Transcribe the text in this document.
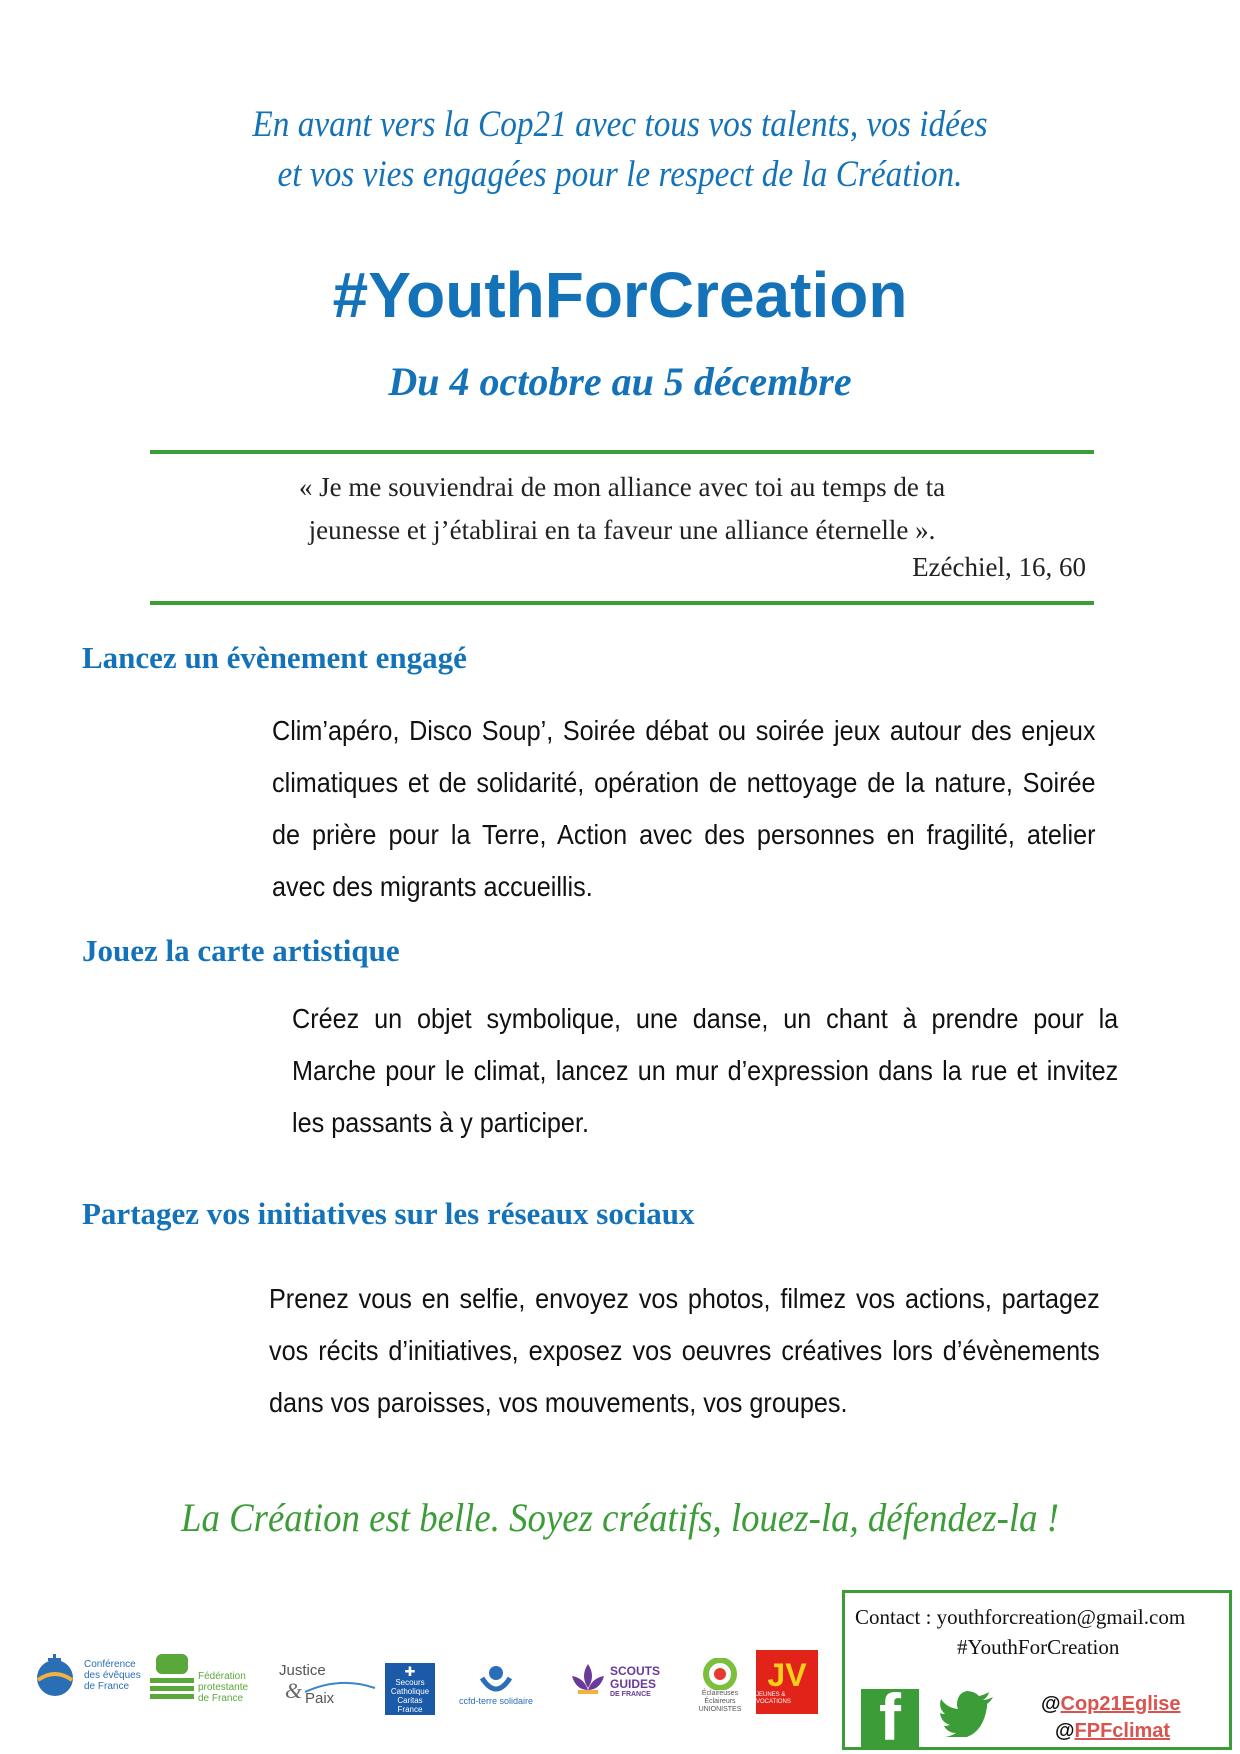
En avant vers la Cop21 avec tous vos talents, vos idées
et vos vies engagées pour le respect de la Création.
#YouthForCreation
Du 4 octobre au 5 décembre
« Je me souviendrai de mon alliance avec toi au temps de ta
jeunesse et j’établirai en ta faveur une alliance éternelle ».
Ezéchiel, 16, 60
Lancez un évènement engagé
Clim’apéro, Disco Soup’, Soirée débat ou soirée jeux autour des enjeux climatiques et de solidarité, opération de nettoyage de la nature, Soirée de prière pour la Terre, Action avec des personnes en fragilité, atelier avec des migrants accueillis.
Jouez la carte artistique
Créez un objet symbolique, une danse, un chant à prendre pour la Marche pour le climat, lancez un mur d’expression dans la rue et invitez les passants à y participer.
Partagez vos initiatives sur les réseaux sociaux
Prenez vous en selfie, envoyez vos photos, filmez vos actions, partagez vos récits d’initiatives, exposez vos oeuvres créatives lors d’évènements dans vos paroisses, vos mouvements, vos groupes.
La Création est belle. Soyez créatifs, louez-la, défendez-la !
Conférence
des évêques
de France
Fédération
protestante
de France
Justice
& Paix
✚
Secours
Catholique
Caritas France
ccfd-terre solidaire
SCOUTS
GUIDES
DE FRANCE	Éclaireuses
Éclaireurs
UNIONISTES
JV
JEUNES & VOCATIONS
Contact : youthforcreation@gmail.com
#YouthForCreation
f	@Cop21Eglise
@FPFclimat
